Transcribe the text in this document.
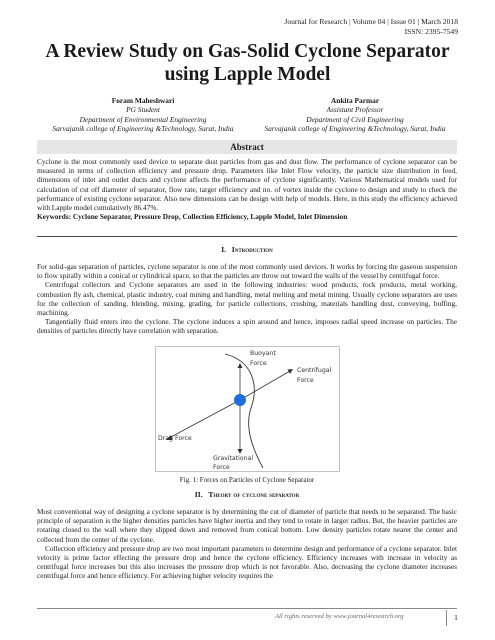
Journal for Research | Volume 04 | Issue 01 | March 2018
ISSN: 2395-7549
A Review Study on Gas-Solid Cyclone Separator
using Lapple Model
Foram Maheshwari
PG Student
Department of Environmental Engineering
Sarvajanik college of Engineering &Technology, Surat, India
Ankita Parmar
Assistant Professor
Department of Civil Engineering
Sarvajanik college of Engineering &Technology, Surat, India
Abstract
Cyclone is the most commonly used device to separate dust particles from gas and dust flow. The performance of cyclone separator can be measured in terms of collection efficiency and pressure drop. Parameters like Inlet Flow velocity, the particle size distribution in feed, dimensions of inlet and outlet ducts and cyclone affects the performance of cyclone significantly. Various Mathematical models used for calculation of cut off diameter of separator, flow rate, target efficiency and no. of vortex inside the cyclone to design and study to check the performance of existing cyclone separator. Also new dimensions can be design with help of models. Here, in this study the efficiency achieved with Lapple model cumulatively 86.47%.
Keywords: Cyclone Separator, Pressure Drop, Collection Efficiency, Lapple Model, Inlet Dimension
I. Introduction

For solid–gas separation of particles, cyclone separator is one of the most commonly used devices. It works by forcing the gaseous suspension to flow spirally within a conical or cylindrical space, so that the particles are throw out toward the walls of the vessel by centrifugal force.

Centrifugal collectors and Cyclone separators are used in the following industries: wood products, rock products, metal working, combustion fly ash, chemical, plastic industry, coal mining and handling, metal melting and metal mining. Usually cyclone separators are uses for the collection of sanding, blending, mixing, grading, for particle collections, crushing, materials handling dust, conveying, buffing, machining.

Tangentially fluid enters into the cyclone. The cyclone induces a spin around and hence, imposes radial speed increase on particles. The densities of particles directly have correlation with separation.

Buoyant
Force
Centrifugal
Force
Drag Force
Gravitational
Force
Fig. 1: Forces on Particles of Cyclone Separator
II. Theory of cyclone separator

Most conventional way of designing a cyclone separator is by determining the cut of diameter of particle that needs to be separated. The basic principle of separation is the higher densities particles have higher inertia and they tend to rotate in larger radius. But, the heavier particles are rotating closed to the wall where they slipped down and removed from conical bottom. Low density particles rotate nearer the center and collected from the center of the cyclone.

Collection efficiency and pressure drop are two most important parameters to determine design and performance of a cyclone separator. Inlet velocity is prime factor effecting the pressure drop and hence the cyclone efficiency. Efficiency increases with increase in velocity as centrifugal force increases but this also increases the pressure drop which is not favorable. Also, decreasing the cyclone diameter increases centrifugal force and hence efficiency. For achieving higher velocity requires the

All rights reserved by www.journal4research.org	1
